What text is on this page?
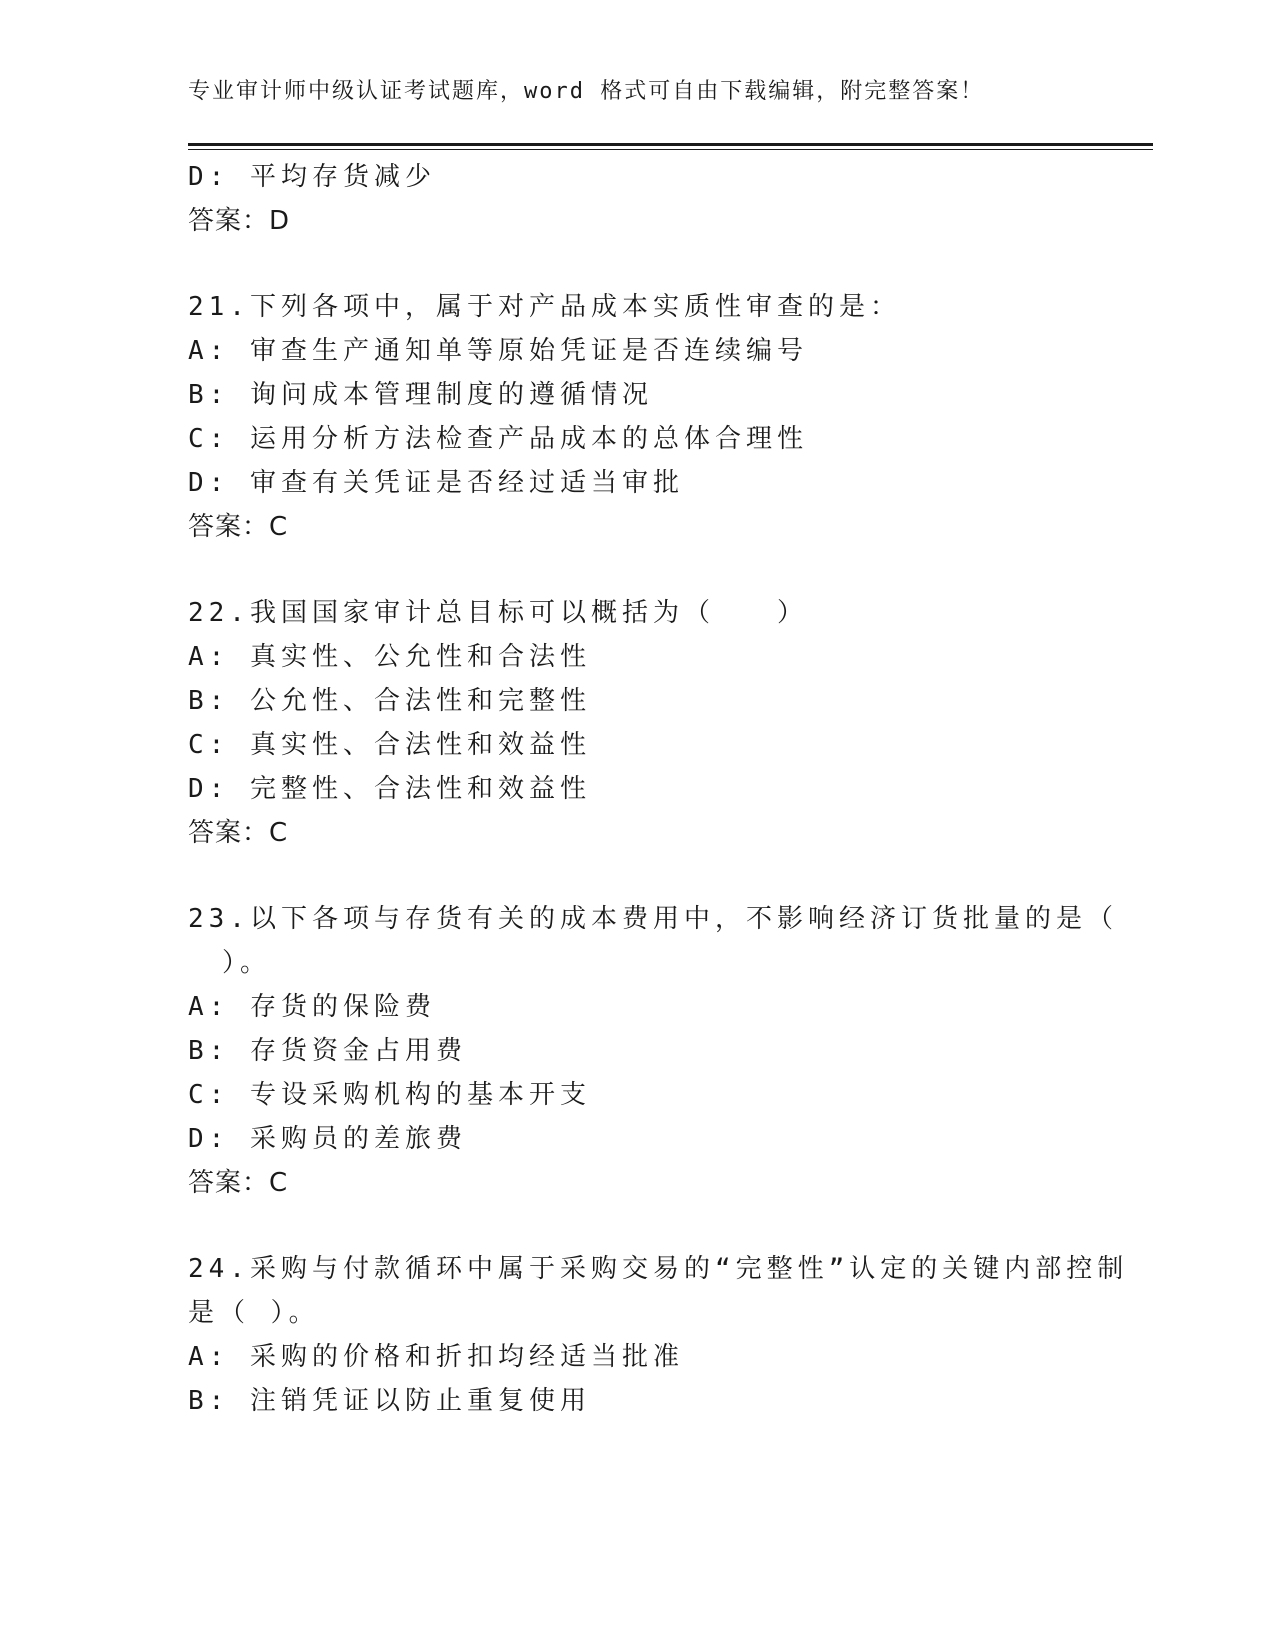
专业审计师中级认证考试题库，word 格式可自由下载编辑，附完整答案！
D: 平均存货减少
答案：D
21.下列各项中，属于对产品成本实质性审查的是：
A: 审查生产通知单等原始凭证是否连续编号
B: 询问成本管理制度的遵循情况
C: 运用分析方法检查产品成本的总体合理性
D: 审查有关凭证是否经过适当审批
答案：C
22.我国国家审计总目标可以概括为（　　）
A: 真实性、公允性和合法性
B: 公允性、合法性和完整性
C: 真实性、合法性和效益性
D: 完整性、合法性和效益性
答案：C
23.以下各项与存货有关的成本费用中，不影响经济订货批量的是（
）。
A: 存货的保险费
B: 存货资金占用费
C: 专设采购机构的基本开支
D: 采购员的差旅费
答案：C
24.采购与付款循环中属于采购交易的“完整性”认定的关键内部控制
是（ ）。
A: 采购的价格和折扣均经适当批准
B: 注销凭证以防止重复使用
